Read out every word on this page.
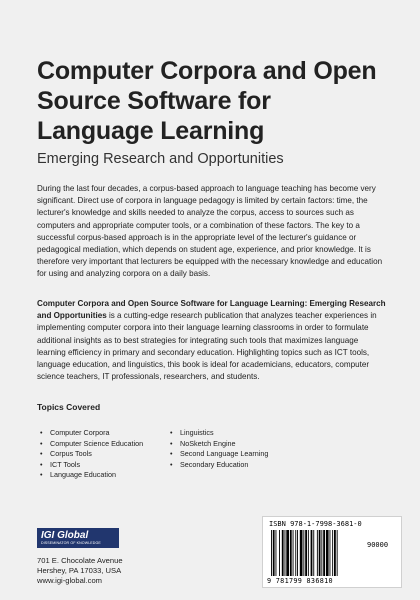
Computer Corpora and Open Source Software for Language Learning
Emerging Research and Opportunities

During the last four decades, a corpus-based approach to language teaching has become very significant. Direct use of corpora in language pedagogy is limited by certain factors: time, the lecturer's knowledge and skills needed to analyze the corpus, access to sources such as computers and appropriate computer tools, or a combination of these factors. The key to a successful corpus-based approach is in the appropriate level of the lecturer's guidance or pedagogical mediation, which depends on student age, experience, and prior knowledge. It is therefore very important that lecturers be equipped with the necessary knowledge and education for using and analyzing corpora on a daily basis.

Computer Corpora and Open Source Software for Language Learning: Emerging Research and Opportunities is a cutting-edge research publication that analyzes teacher experiences in implementing computer corpora into their language learning classrooms in order to formulate additional insights as to best strategies for integrating such tools that maximizes language learning efficiency in primary and secondary education. Highlighting topics such as ICT tools, language education, and linguistics, this book is ideal for academicians, educators, computer science teachers, IT professionals, researchers, and students.

Topics Covered
• Computer Corpora
• Computer Science Education
• Corpus Tools
• ICT Tools
• Language Education
• Linguistics
• NoSketch Engine
• Second Language Learning
• Secondary Education
IGI Global
DISSEMINATOR OF KNOWLEDGE
701 E. Chocolate Avenue
Hershey, PA 17033, USA
www.igi-global.com
ISBN 978-1-7998-3681-0
90000
9 781799 836810
